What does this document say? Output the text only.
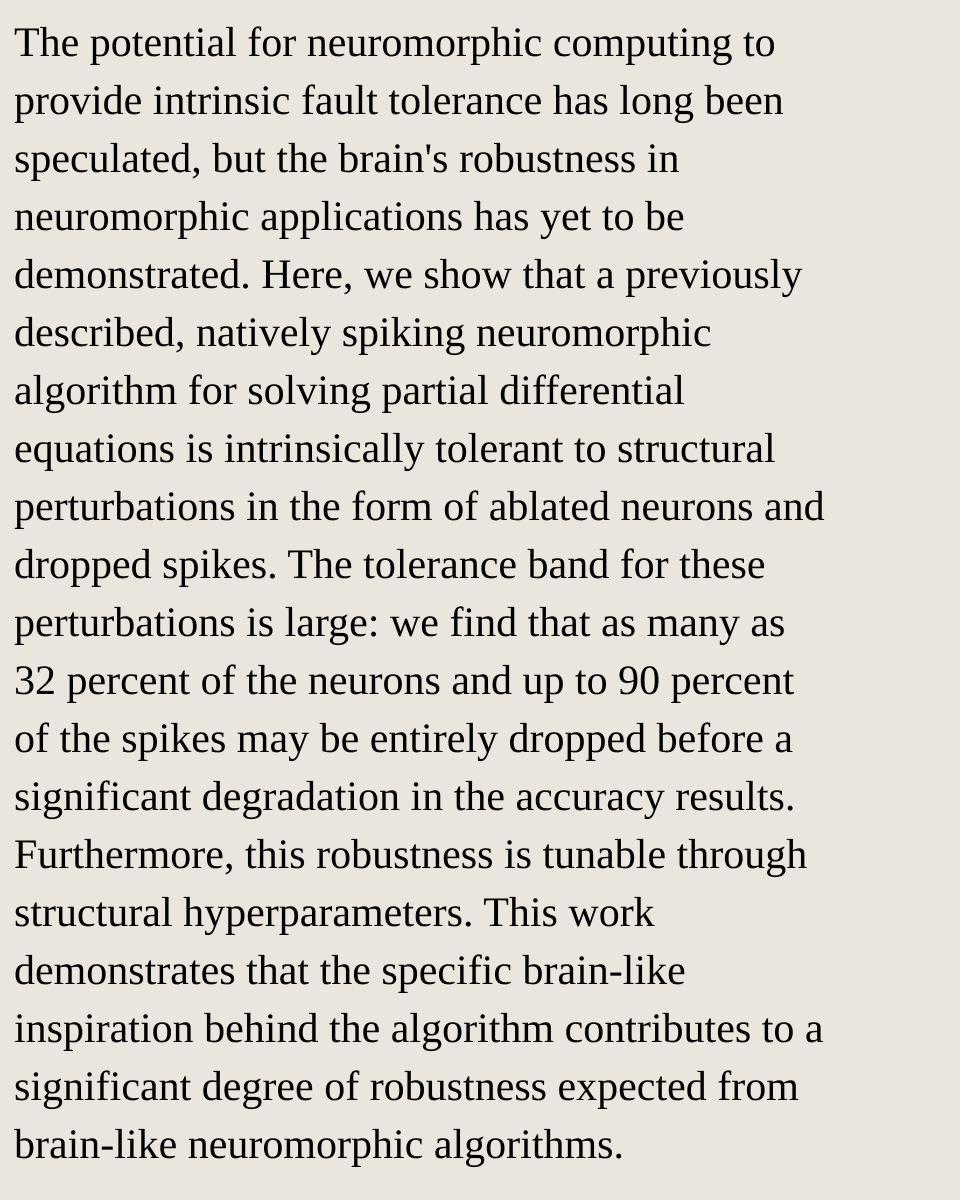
The potential for neuromorphic computing to
provide intrinsic fault tolerance has long been
speculated, but the brain's robustness in
neuromorphic applications has yet to be
demonstrated. Here, we show that a previously
described, natively spiking neuromorphic
algorithm for solving partial differential
equations is intrinsically tolerant to structural
perturbations in the form of ablated neurons and
dropped spikes. The tolerance band for these
perturbations is large: we find that as many as
32 percent of the neurons and up to 90 percent
of the spikes may be entirely dropped before a
significant degradation in the accuracy results.
Furthermore, this robustness is tunable through
structural hyperparameters. This work
demonstrates that the specific brain-like
inspiration behind the algorithm contributes to a
significant degree of robustness expected from
brain-like neuromorphic algorithms.
